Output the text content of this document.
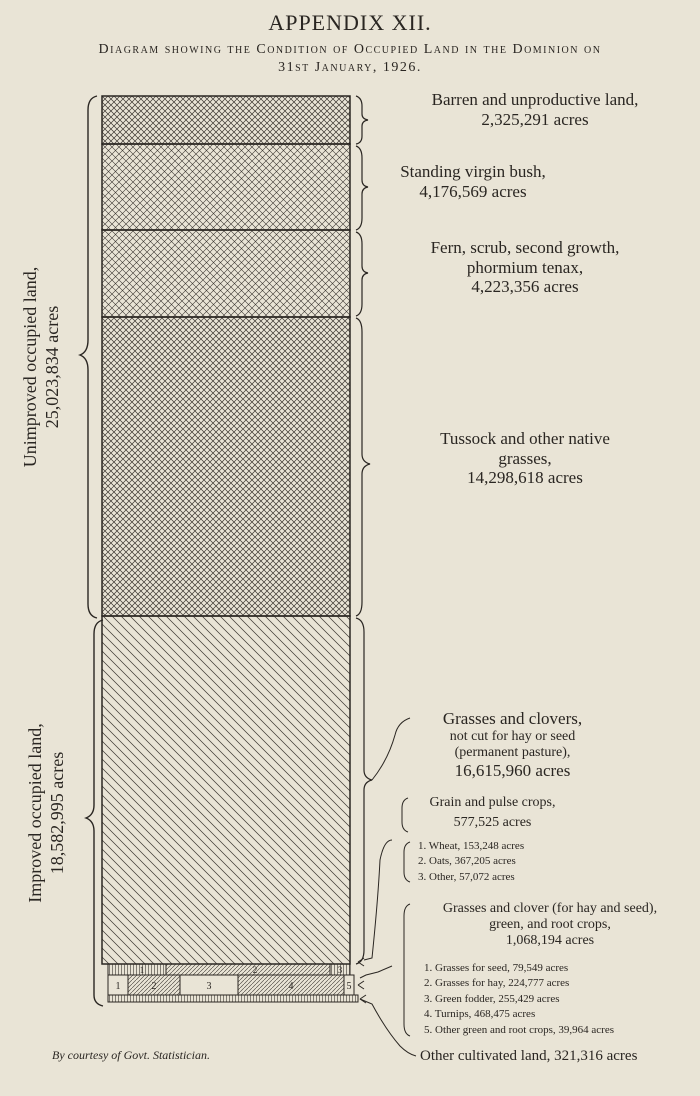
APPENDIX XII.
Diagram showing the Condition of Occupied Land in the Dominion on
31st January, 1926.
1	2	3
1	2	3	4	5
Unimproved occupied land, 25,023,834 acres
Improved occupied land, 18,582,995 acres
Barren and unproductive land,
2,325,291 acres
Standing virgin bush,
4,176,569 acres
Fern, scrub, second growth,
phormium tenax,
4,223,356 acres
Tussock and other native
grasses,
14,298,618 acres
Grasses and clovers,
not cut for hay or seed
(permanent pasture),
16,615,960 acres
Grain and pulse crops,
577,525 acres
1. Wheat, 153,248 acres
2. Oats, 367,205 acres
3. Other, 57,072 acres
Grasses and clover (for hay and seed),
green, and root crops,
1,068,194 acres
1. Grasses for seed, 79,549 acres
2. Grasses for hay, 224,777 acres
3. Green fodder, 255,429 acres
4. Turnips, 468,475 acres
5. Other green and root crops, 39,964 acres
Other cultivated land, 321,316 acres
By courtesy of Govt. Statistician.
